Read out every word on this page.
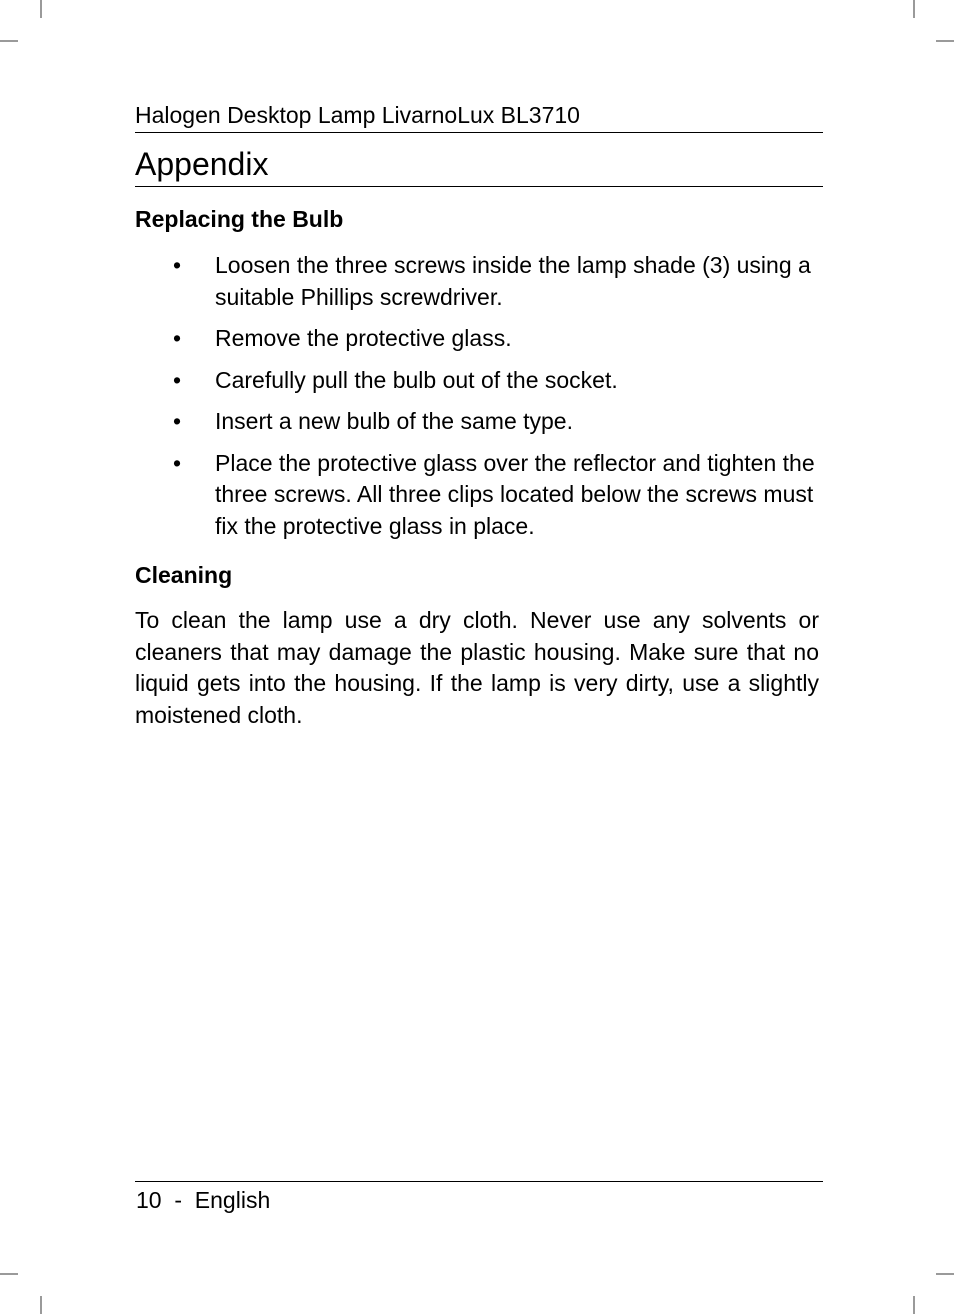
Halogen Desktop Lamp LivarnoLux BL3710
Appendix
Replacing the Bulb
• Loosen the three screws inside the lamp shade (3) using a suitable Phillips screwdriver.
• Remove the protective glass.
• Carefully pull the bulb out of the socket.
• Insert a new bulb of the same type.
• Place the protective glass over the reflector and tighten the three screws. All three clips located below the screws must fix the protective glass in place.
Cleaning

To clean the lamp use a dry cloth. Never use any solvents or cleaners that may damage the plastic housing. Make sure that no liquid gets into the housing. If the lamp is very dirty, use a slightly moistened cloth.

10  -  English
